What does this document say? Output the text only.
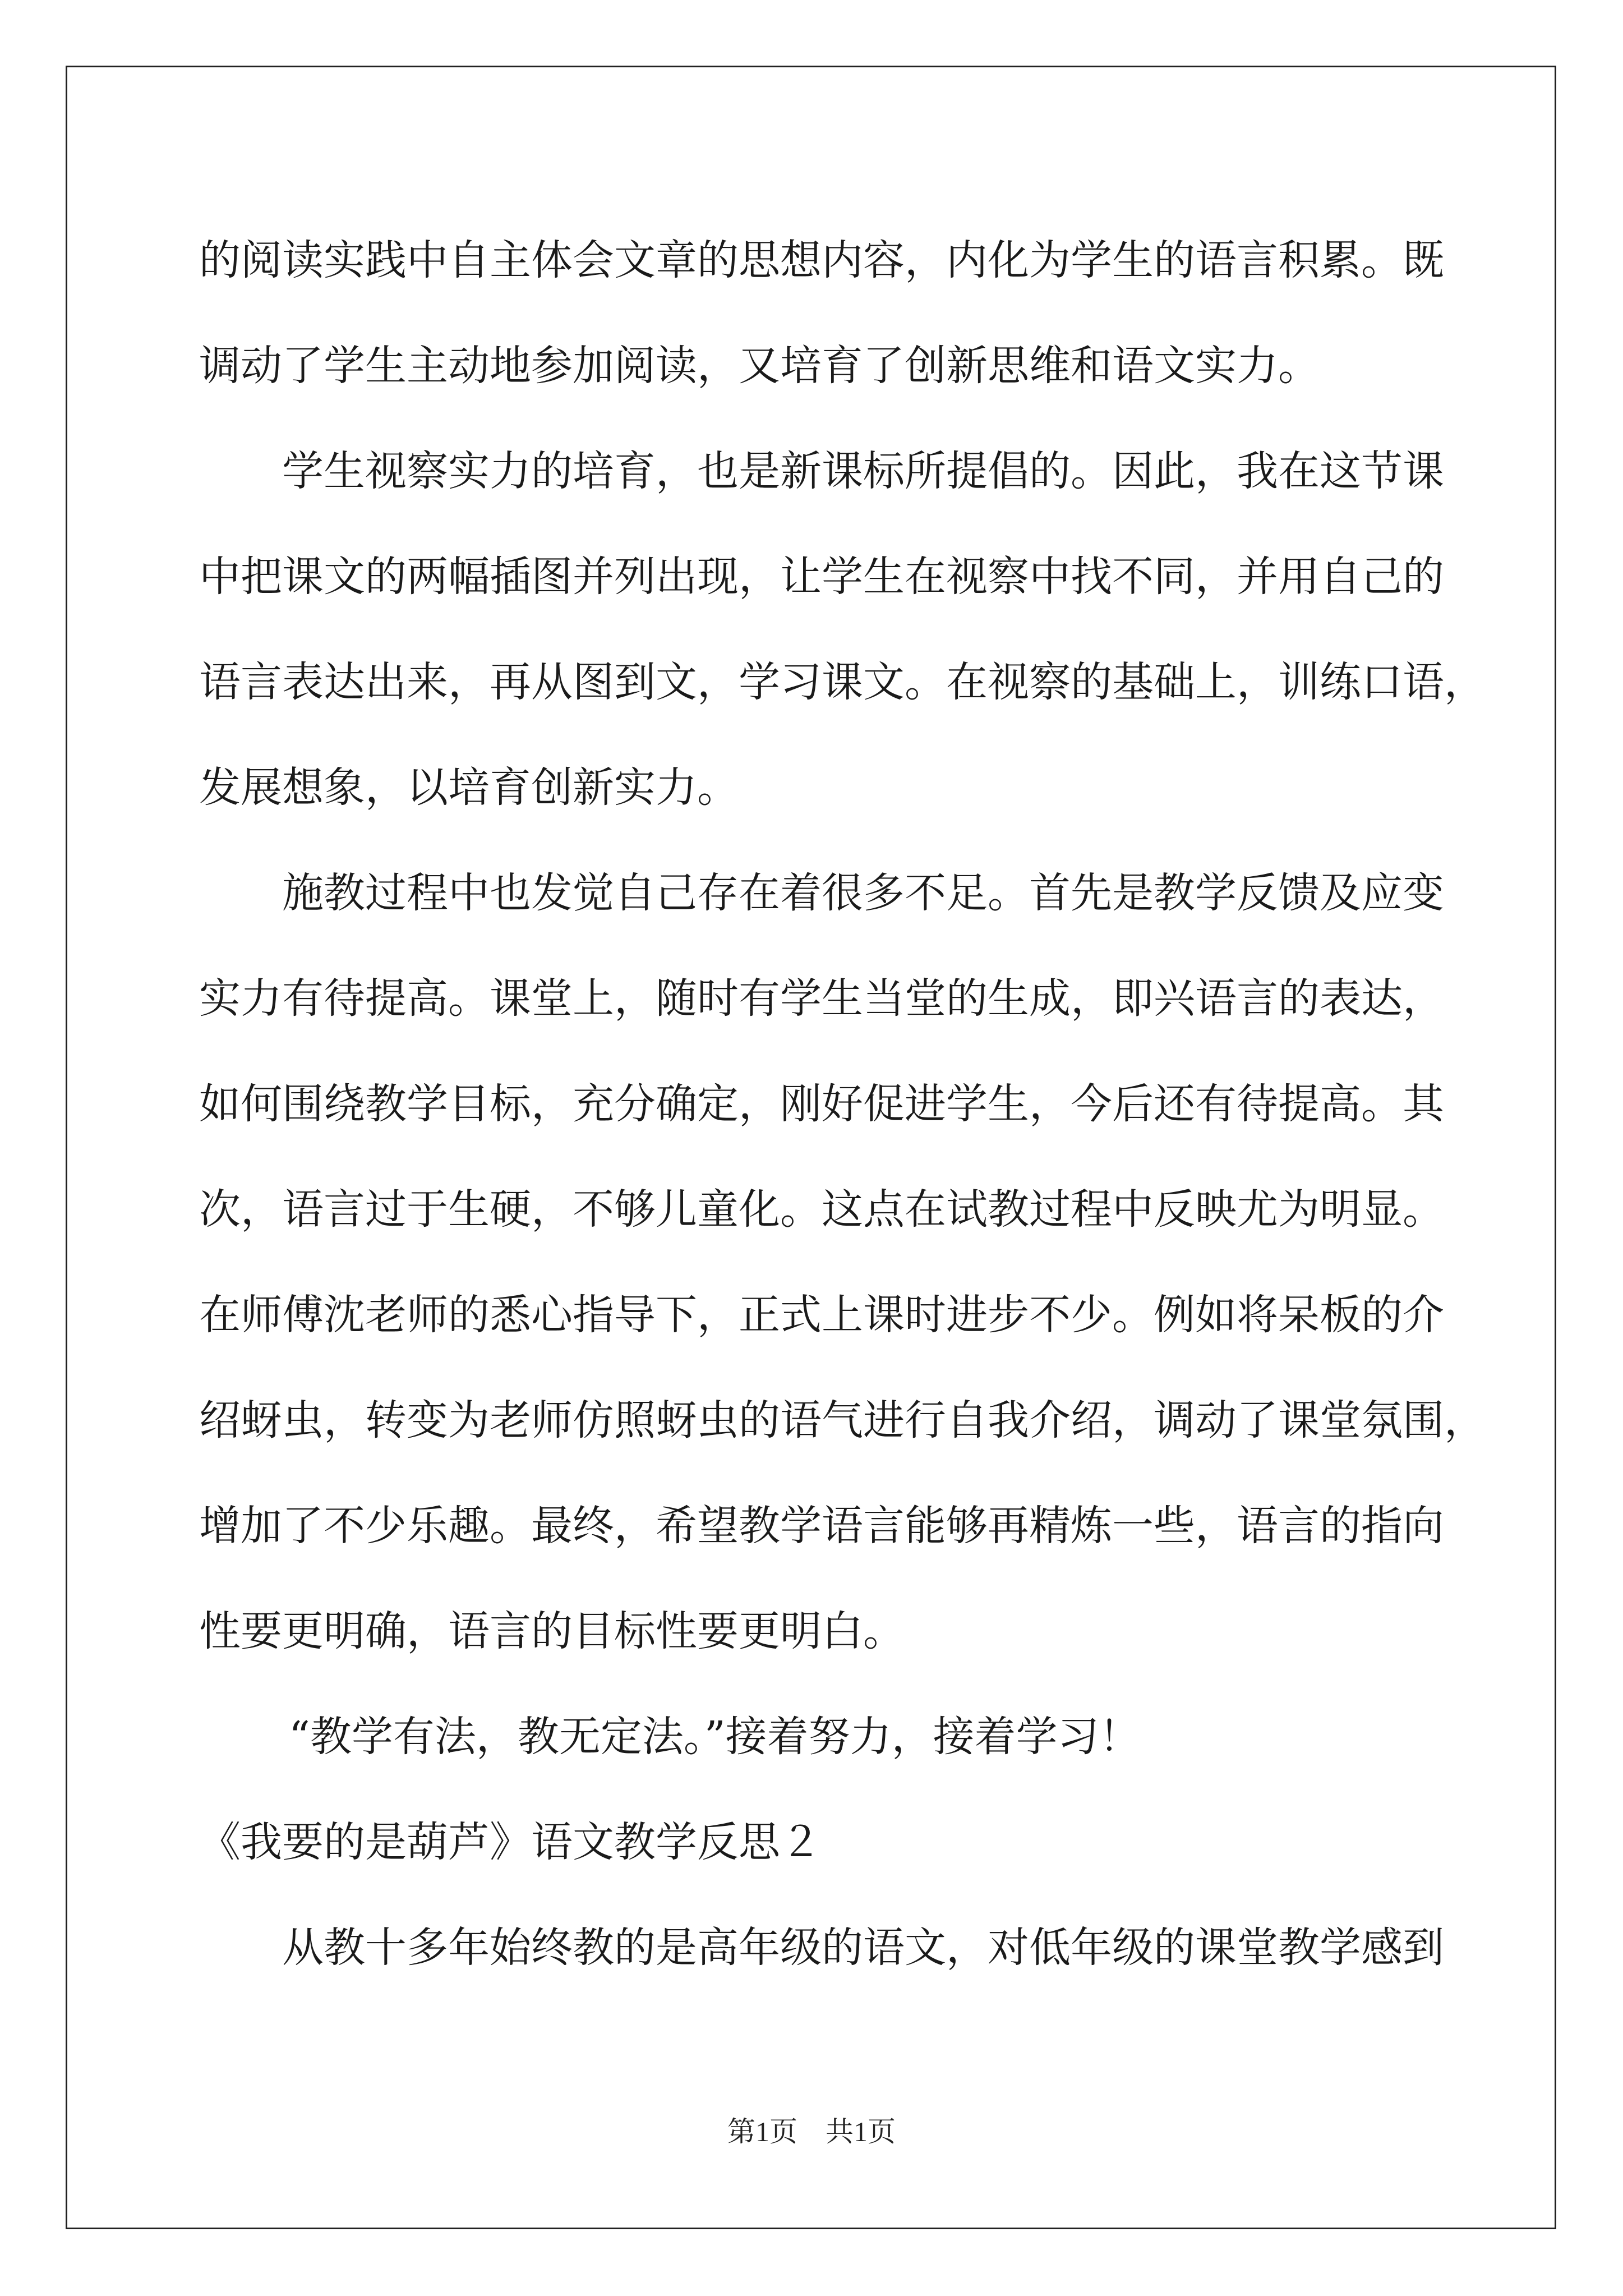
的阅读实践中自主体会文章的思想内容，内化为学生的语言积累。既
调动了学生主动地参加阅读，又培育了创新思维和语文实力。
学生视察实力的培育，也是新课标所提倡的。因此，我在这节课
中把课文的两幅插图并列出现，让学生在视察中找不同，并用自己的
语言表达出来，再从图到文，学习课文。在视察的基础上，训练口语，
发展想象，以培育创新实力。
施教过程中也发觉自己存在着很多不足。首先是教学反馈及应变
实力有待提高。课堂上，随时有学生当堂的生成，即兴语言的表达，
如何围绕教学目标，充分确定，刚好促进学生，今后还有待提高。其
次，语言过于生硬，不够儿童化。这点在试教过程中反映尤为明显。
在师傅沈老师的悉心指导下，正式上课时进步不少。例如将呆板的介
绍蚜虫，转变为老师仿照蚜虫的语气进行自我介绍，调动了课堂氛围，
增加了不少乐趣。最终，希望教学语言能够再精炼一些，语言的指向
性要更明确，语言的目标性要更明白。
“教学有法，教无定法。”接着努力，接着学习！
《我要的是葫芦》语文教学反思２
从教十多年始终教的是高年级的语文，对低年级的课堂教学感到
第1页　共1页
